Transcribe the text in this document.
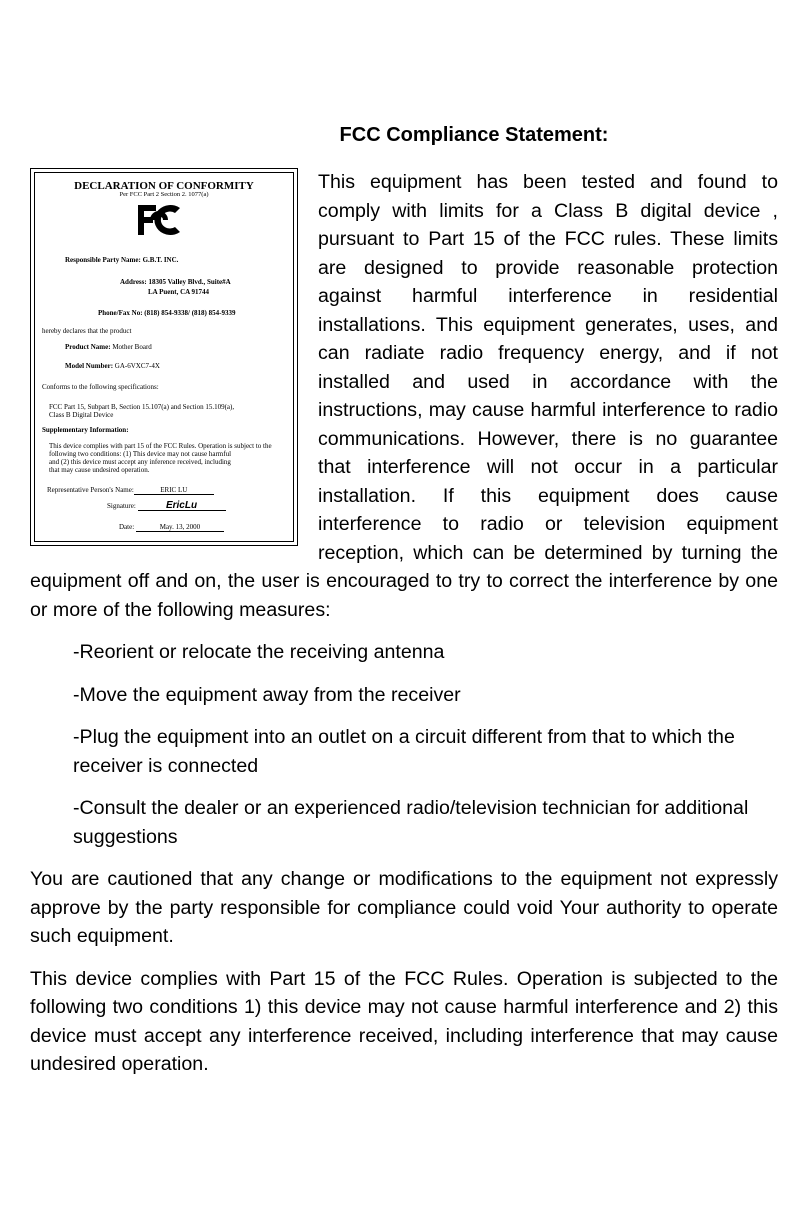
FCC Compliance Statement:
DECLARATION OF CONFORMITY
Per FCC Part 2 Section 2. 1077(a)
Responsible Party Name: G.B.T. INC.
Address: 18305 Valley Blvd., Suite#A
LA Puent, CA 91744
Phone/Fax No: (818) 854-9338/ (818) 854-9339
hereby declares that the product
Product Name: Mother Board
Model Number: GA-6VXC7-4X
Conforms to the following specifications:
FCC Part 15, Subpart B, Section 15.107(a) and Section 15.109(a),
Class B Digital Device
Supplementary Information:
This device complies with part 15 of the FCC Rules. Operation is subject to the
following two conditions: (1) This device may not cause harmful
and (2) this device must accept any inference received, including
that may cause undesired operation.
Representative Person's Name:	ERIC LU
Signature:	EricLu
Date:	May. 13, 2000

This equipment has been tested and found to comply with limits for a Class B digital device , pursuant to Part 15 of the FCC rules. These limits are designed to provide reasonable protection against harmful interference in residential installations. This equipment generates, uses, and can radiate radio frequency energy, and if not installed and used in accordance with the instructions, may cause harmful interference to radio communications. However, there is no guarantee that interference will not occur in a particular installation. If this equipment does cause interference to radio or television equipment reception, which can be determined by turning the equipment off and on, the user is encouraged to try to correct the interference by one or more of the following measures:

-Reorient or relocate the receiving antenna
-Move the equipment away from the receiver
-Plug the equipment into an outlet on a circuit different from that to which the receiver is connected
-Consult the dealer or an experienced radio/television technician for additional suggestions

You are cautioned that any change or modifications to the equipment not expressly approve by the party responsible for compliance could void Your authority to operate such equipment.

This device complies with Part 15 of the FCC Rules. Operation is subjected to the following two conditions 1) this device may not cause harmful interference and 2) this device must accept any interference received, including interference that may cause undesired operation.
